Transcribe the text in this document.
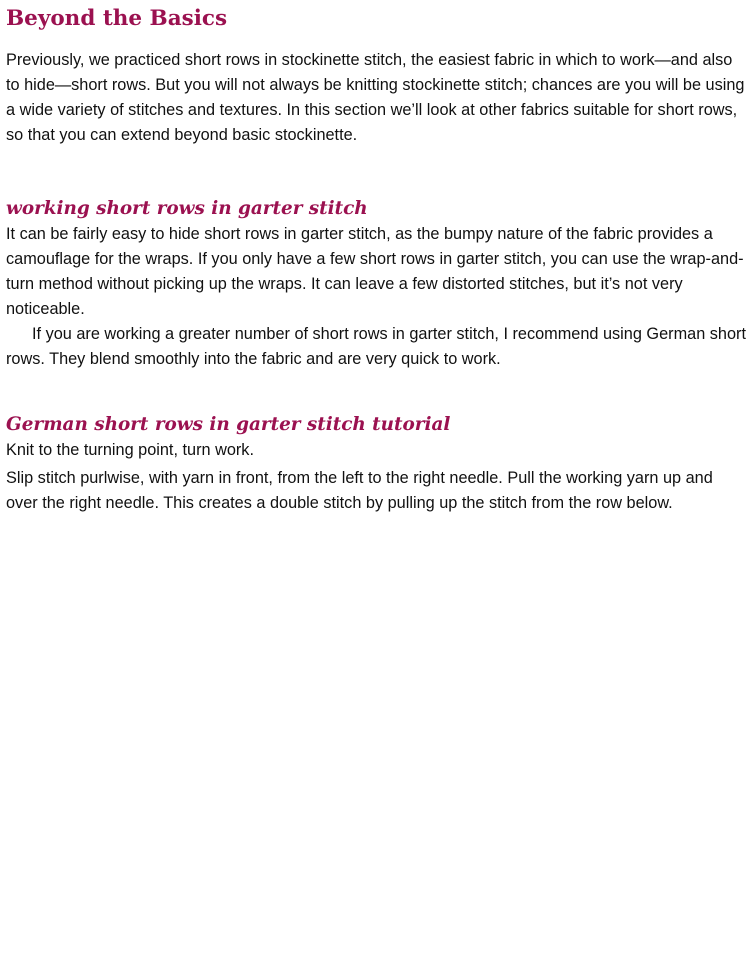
Beyond the Basics

Previously, we practiced short rows in stockinette stitch, the easiest fabric in which to work—and also to hide—short rows. But you will not always be knitting stockinette stitch; chances are you will be using a wide variety of stitches and textures. In this section we’ll look at other fabrics suitable for short rows, so that you can extend beyond basic stockinette.

working short rows in garter stitch

It can be fairly easy to hide short rows in garter stitch, as the bumpy nature of the fabric provides a camouflage for the wraps. If you only have a few short rows in garter stitch, you can use the wrap-and-turn method without picking up the wraps. It can leave a few distorted stitches, but it’s not very noticeable.

If you are working a greater number of short rows in garter stitch, I recommend using German short rows. They blend smoothly into the fabric and are very quick to work.

German short rows in garter stitch tutorial

Knit to the turning point, turn work.

Slip stitch purlwise, with yarn in front, from the left to the right needle. Pull the working yarn up and over the right needle. This creates a double stitch by pulling up the stitch from the row below.
